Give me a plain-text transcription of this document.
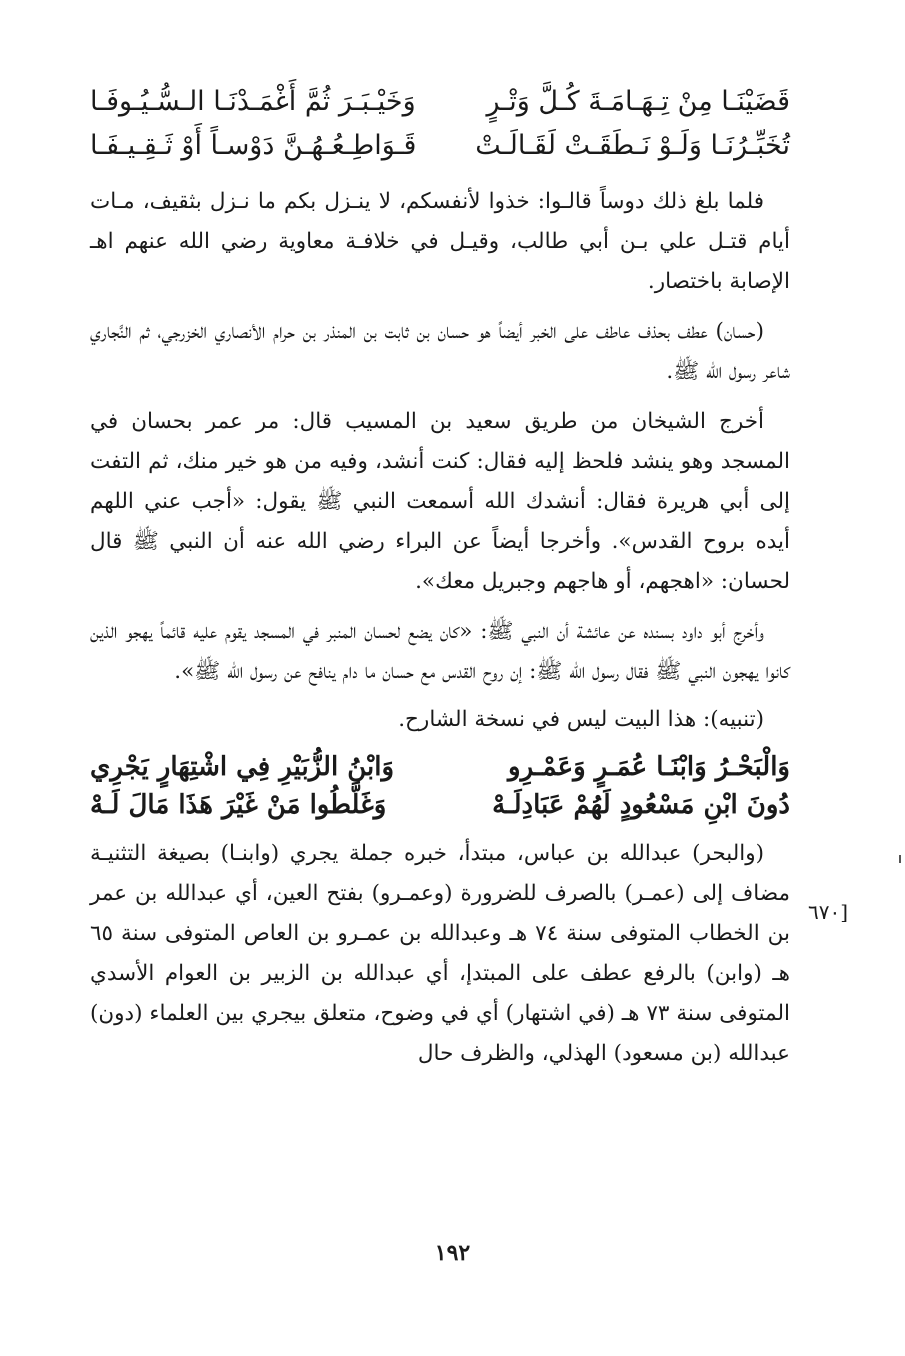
قَضَيْنَـا مِنْ تِـهَـامَـةَ كُـلَّ وَتْـرٍ
وَخَيْـبَـرَ ثُمَّ أَغْمَـدْنَـا الـسُّـيُـوفَـا
تُخَبِّـرُنَـا وَلَـوْ نَـطَقَـتْ لَقَـالَـتْ
قَـوَاطِـعُـهُـنَّ دَوْسـاً أَوْ ثَـقِـيـفَـا

فلما بلغ ذلك دوساً قالـوا: خذوا لأنفسكم، لا ينـزل بكم ما نـزل بثقيف، مـات أيام قتـل علي بـن أبي طالب، وقيـل في خلافـة معاوية رضي الله عنهم اهـ الإصابة باختصار.

(حسان) عطف بحذف عاطف على الخبر أيضاً هو حسان بن ثابت بن المنذر بن حرام الأنصاري الخزرجي، ثم النَّجاري شاعر رسول الله ﷺ.

أخرج الشيخان من طريق سعيد بن المسيب قال: مر عمر بحسان في المسجد وهو ينشد فلحظ إليه فقال: كنت أنشد، وفيه من هو خير منك، ثم التفت إلى أبي هريرة فقال: أنشدك الله أسمعت النبي ﷺ يقول: «أجب عني اللهم أيده بروح القدس». وأخرجا أيضاً عن البراء رضي الله عنه أن النبي ﷺ قال لحسان: «اهجهم، أو هاجهم وجبريل معك».

وأخرج أبو داود بسنده عن عائشة أن النبي ﷺ: «كان يضع لحسان المنبر في المسجد يقوم عليه قائماً يهجو الذين كانوا يهجون النبي ﷺ فقال رسول الله ﷺ: إن روح القدس مع حسان ما دام ينافح عن رسول الله ﷺ».

(تنبيه): هذا البيت ليس في نسخة الشارح.

وَالْبَحْـرُ وَابْنَـا عُمَـرٍ وَعَمْـرِو
وَابْنُ الزُّبَيْرِ فِي اشْتِهَارٍ يَجْرِي
دُونَ ابْنِ مَسْعُودٍ لَهُمْ عَبَادِلَـهْ
وَغَلَّطُوا مَنْ غَيْرَ هَذَا مَالَ لَـهْ

(والبحر) عبدالله بن عباس، مبتدأ، خبره جملة يجري (وابنـا) بصيغة التثنيـة مضاف إلى (عمـر) بالصرف للضرورة (وعمـرو) بفتح العين، أي عبدالله بن عمر بن الخطاب المتوفى سنة ٧٤ هـ وعبدالله بن عمـرو بن العاص المتوفى سنة ٦٥ هـ (وابن) بالرفع عطف على المبتدإ، أي عبدالله بن الزبير بن العوام الأسدي المتوفى سنة ٧٣ هـ (في اشتهار) أي في وضوح، متعلق بيجري بين العلماء (دون) عبدالله (بن مسعود) الهذلي، والظرف حال

[٦٧٠
١٩٢
